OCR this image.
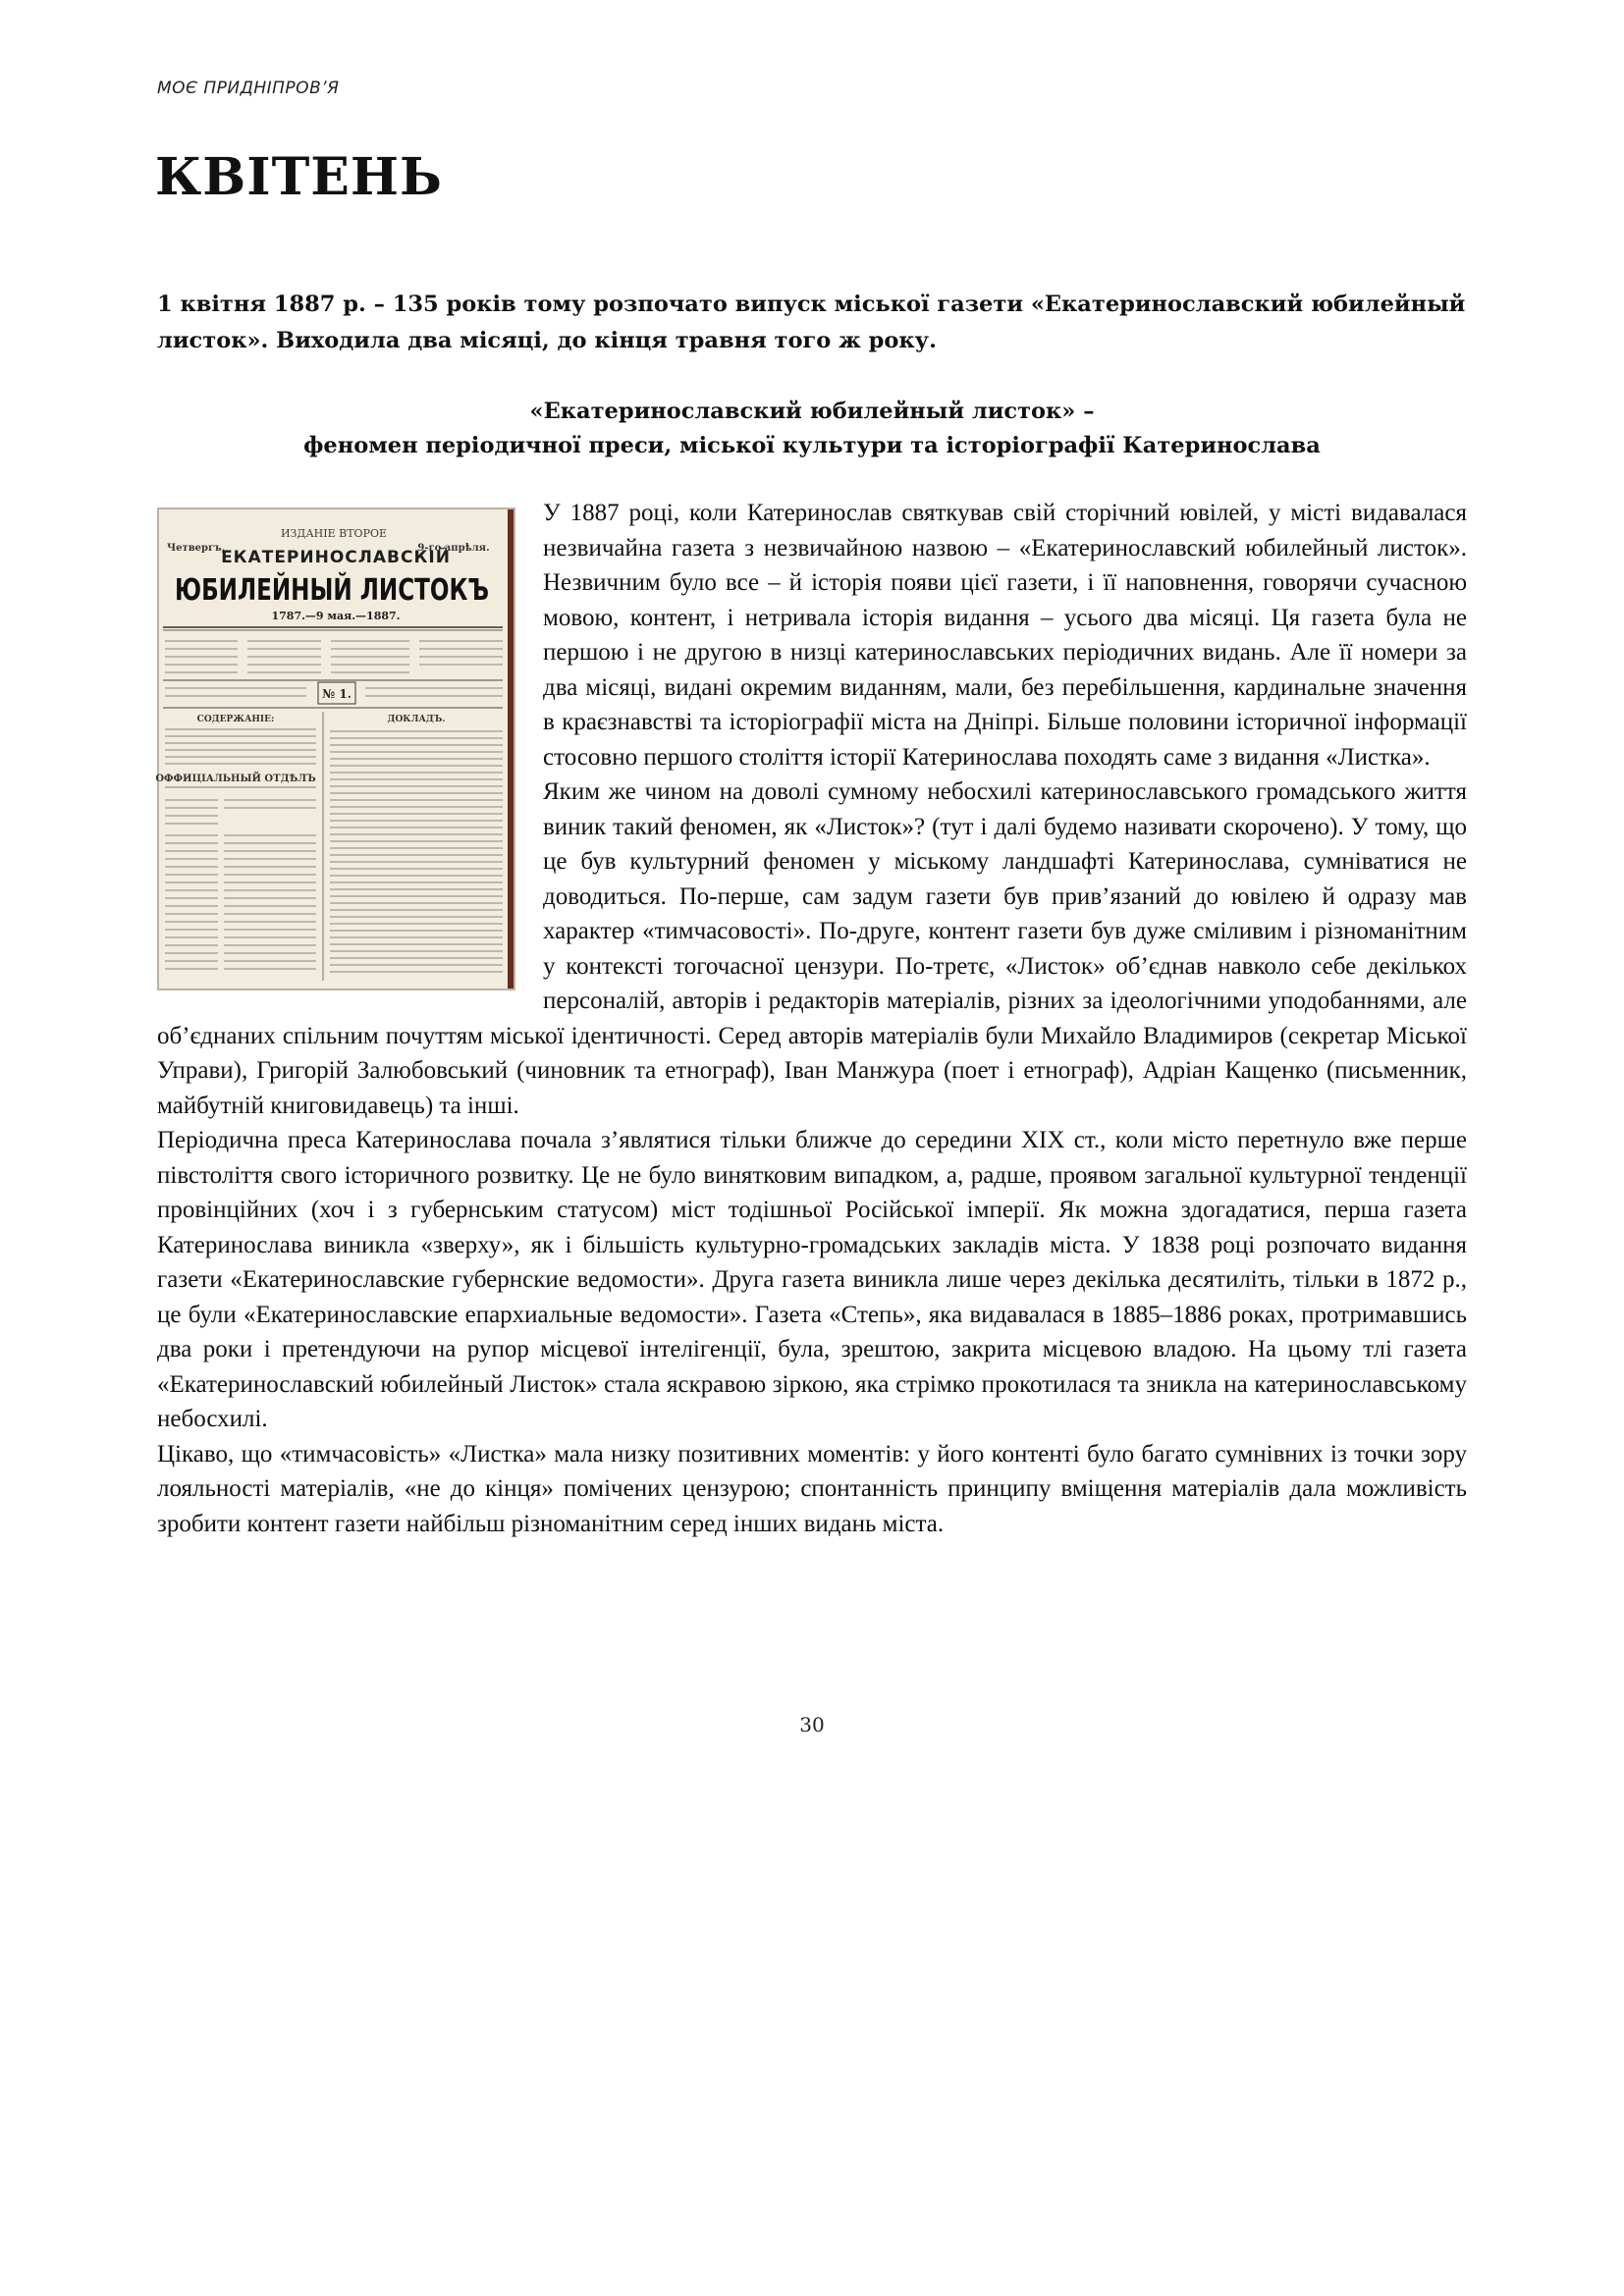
МОЄ ПРИДНІПРОВ’Я
КВІТЕНЬ

1 квітня 1887 р. – 135 років тому розпочато випуск міської газети «Екатеринославский юбилейный листок». Виходила два місяці, до кінця травня того ж року.

«Екатеринославский юбилейный листок» –
феномен періодичної преси, міської культури та історіографії Катеринослава
ИЗДАНІЕ ВТОРОЕ
Четвергъ,	9-го апрѣля.
ЕКАТЕРИНОСЛАВСКІЙ
ЮБИЛЕЙНЫЙ ЛИСТОКЪ
1787.—9 мая.—1887.
№ 1.
СОДЕРЖАНІЕ:	ДОКЛАДЪ.
ОФФИЦІАЛЬНЫЙ ОТДѢЛЪ

У 1887 році, коли Катеринослав святкував свій сторічний ювілей, у місті видавалася незвичайна газета з незвичайною назвою – «Екатеринославский юбилейный листок». Незвичним було все – й історія появи цієї газети, і її наповнення, говорячи сучасною мовою, контент, і нетривала історія видання – усього два місяці. Ця газета була не першою і не другою в низці катеринославських періодичних видань. Але її номери за два місяці, видані окремим виданням, мали, без перебільшення, кардинальне значення в краєзнавстві та історіографії міста на Дніпрі. Більше половини історичної інформації стосовно першого століття історії Катеринослава походять саме з видання «Листка».

Яким же чином на доволі сумному небосхилі катеринославського громадського життя виник такий феномен, як «Листок»? (тут і далі будемо називати скорочено). У тому, що це був культурний феномен у міському ландшафті Катеринослава, сумніватися не доводиться. По-перше, сам задум газети був прив’язаний до ювілею й одразу мав характер «тимчасовості». По-друге, контент газети був дуже сміливим і різноманітним у контексті тогочасної цензури. По-третє, «Листок» об’єднав навколо себе декількох персоналій, авторів і редакторів матеріалів, різних за ідеологічними уподобаннями, але об’єднаних спільним почуттям міської ідентичності. Серед авторів матеріалів були Михайло Владимиров (секретар Міської Управи), Григорій Залюбовський (чиновник та етнограф), Іван Манжура (поет і етнограф), Адріан Кащенко (письменник, майбутній книговидавець) та інші.

Періодична преса Катеринослава почала з’являтися тільки ближче до середини XIX ст., коли місто перетнуло вже перше півстоліття свого історичного розвитку. Це не було винятковим випадком, а, радше, проявом загальної культурної тенденції провінційних (хоч і з губернським статусом) міст тодішньої Російської імперії. Як можна здогадатися, перша газета Катеринослава виникла «зверху», як і більшість культурно-громадських закладів міста. У 1838 році розпочато видання газети «Екатеринославские губернские ведомости». Друга газета виникла лише через декілька десятиліть, тільки в 1872 р., це були «Екатеринославские епархиальные ведомости». Газета «Степь», яка видавалася в 1885–1886 роках, протримавшись два роки і претендуючи на рупор місцевої інтелігенції, була, зрештою, закрита місцевою владою. На цьому тлі газета «Екатеринославский юбилейный Листок» стала яскравою зіркою, яка стрімко прокотилася та зникла на катеринославському небосхилі.

Цікаво, що «тимчасовість» «Листка» мала низку позитивних моментів: у його контенті було багато сумнівних із точки зору лояльності матеріалів, «не до кінця» помічених цензурою; спонтанність принципу вміщення матеріалів дала можливість зробити контент газети найбільш різноманітним серед інших видань міста.

30
